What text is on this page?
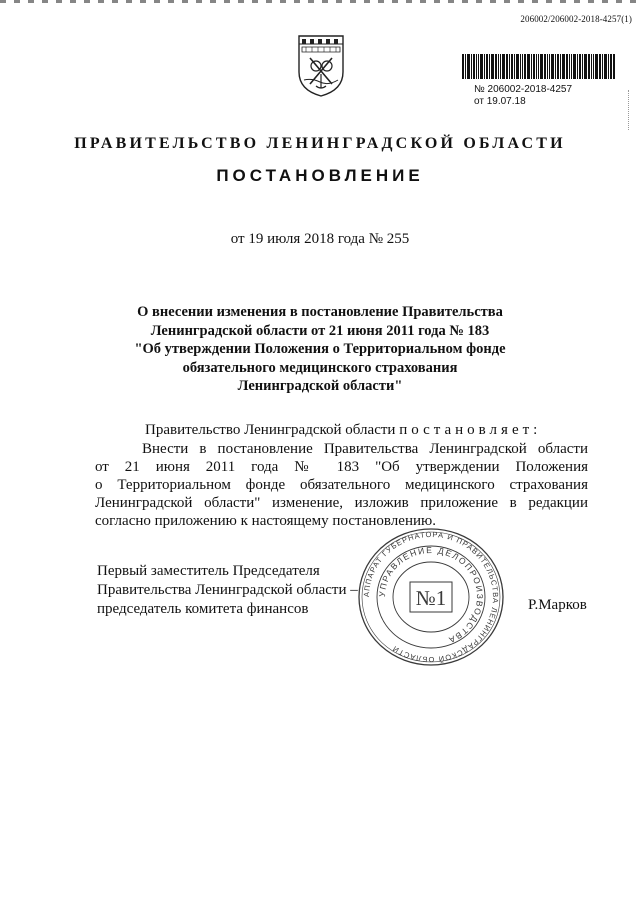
206002/206002-2018-4257(1)
№ 206002-2018-4257
от 19.07.18
ПРАВИТЕЛЬСТВО ЛЕНИНГРАДСКОЙ ОБЛАСТИ
ПОСТАНОВЛЕНИЕ
от 19 июля 2018 года № 255
О внесении изменения в постановление Правительства
Ленинградской области от 21 июня 2011 года № 183
"Об утверждении Положения о Территориальном фонде
обязательного медицинского страхования
Ленинградской области"
Правительство Ленинградской области постановляет:
Внести в постановление Правительства Ленинградской области
от 21 июня 2011 года № 183 "Об утверждении Положения
о Территориальном фонде обязательного медицинского страхования
Ленинградской области" изменение, изложив приложение в редакции
согласно приложению к настоящему постановлению.
Первый заместитель Председателя
Правительства Ленинградской области –
председатель комитета финансов	Р.Марков
АППАРАТ ГУБЕРНАТОРА И ПРАВИТЕЛЬСТВА ЛЕНИНГРАДСКОЙ ОБЛАСТИ
УПРАВЛЕНИЕ ДЕЛОПРОИЗВОДСТВА
№1
